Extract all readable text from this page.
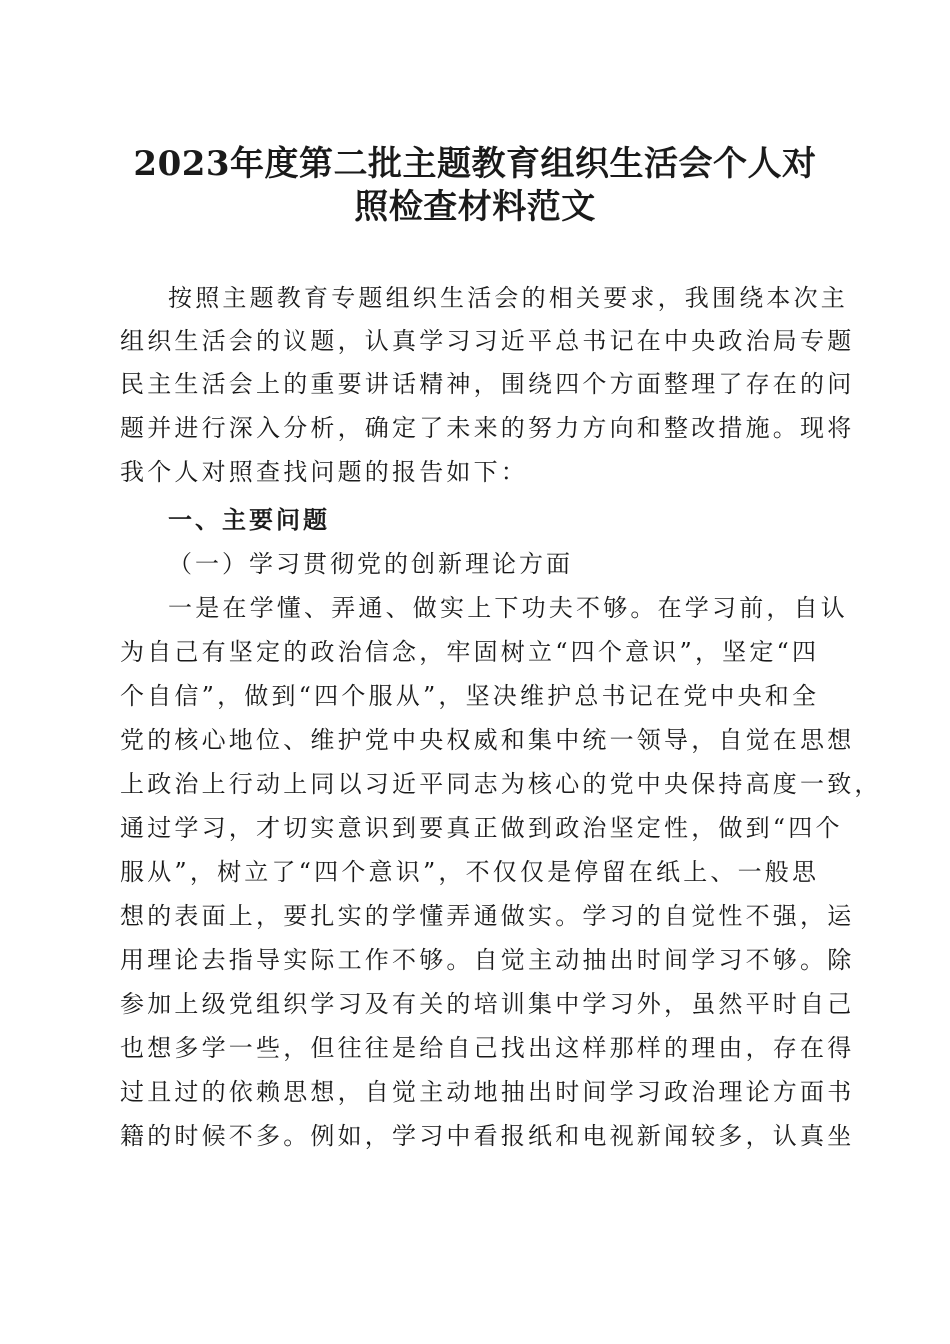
2023年度第二批主题教育组织生活会个人对
照检查材料范文
按照主题教育专题组织生活会的相关要求，我围绕本次主
组织生活会的议题，认真学习习近平总书记在中央政治局专题
民主生活会上的重要讲话精神，围绕四个方面整理了存在的问
题并进行深入分析，确定了未来的努力方向和整改措施。现将
我个人对照查找问题的报告如下：
一、主要问题
（一）学习贯彻党的创新理论方面
一是在学懂、弄通、做实上下功夫不够。在学习前，自认
为自己有坚定的政治信念，牢固树立“四个意识”，坚定“四
个自信”，做到“四个服从”，坚决维护总书记在党中央和全
党的核心地位、维护党中央权威和集中统一领导，自觉在思想
上政治上行动上同以习近平同志为核心的党中央保持高度一致，
通过学习，才切实意识到要真正做到政治坚定性，做到“四个
服从”，树立了“四个意识”，不仅仅是停留在纸上、一般思
想的表面上，要扎实的学懂弄通做实。学习的自觉性不强，运
用理论去指导实际工作不够。自觉主动抽出时间学习不够。除
参加上级党组织学习及有关的培训集中学习外，虽然平时自己
也想多学一些，但往往是给自己找出这样那样的理由，存在得
过且过的依赖思想，自觉主动地抽出时间学习政治理论方面书
籍的时候不多。例如，学习中看报纸和电视新闻较多，认真坐
